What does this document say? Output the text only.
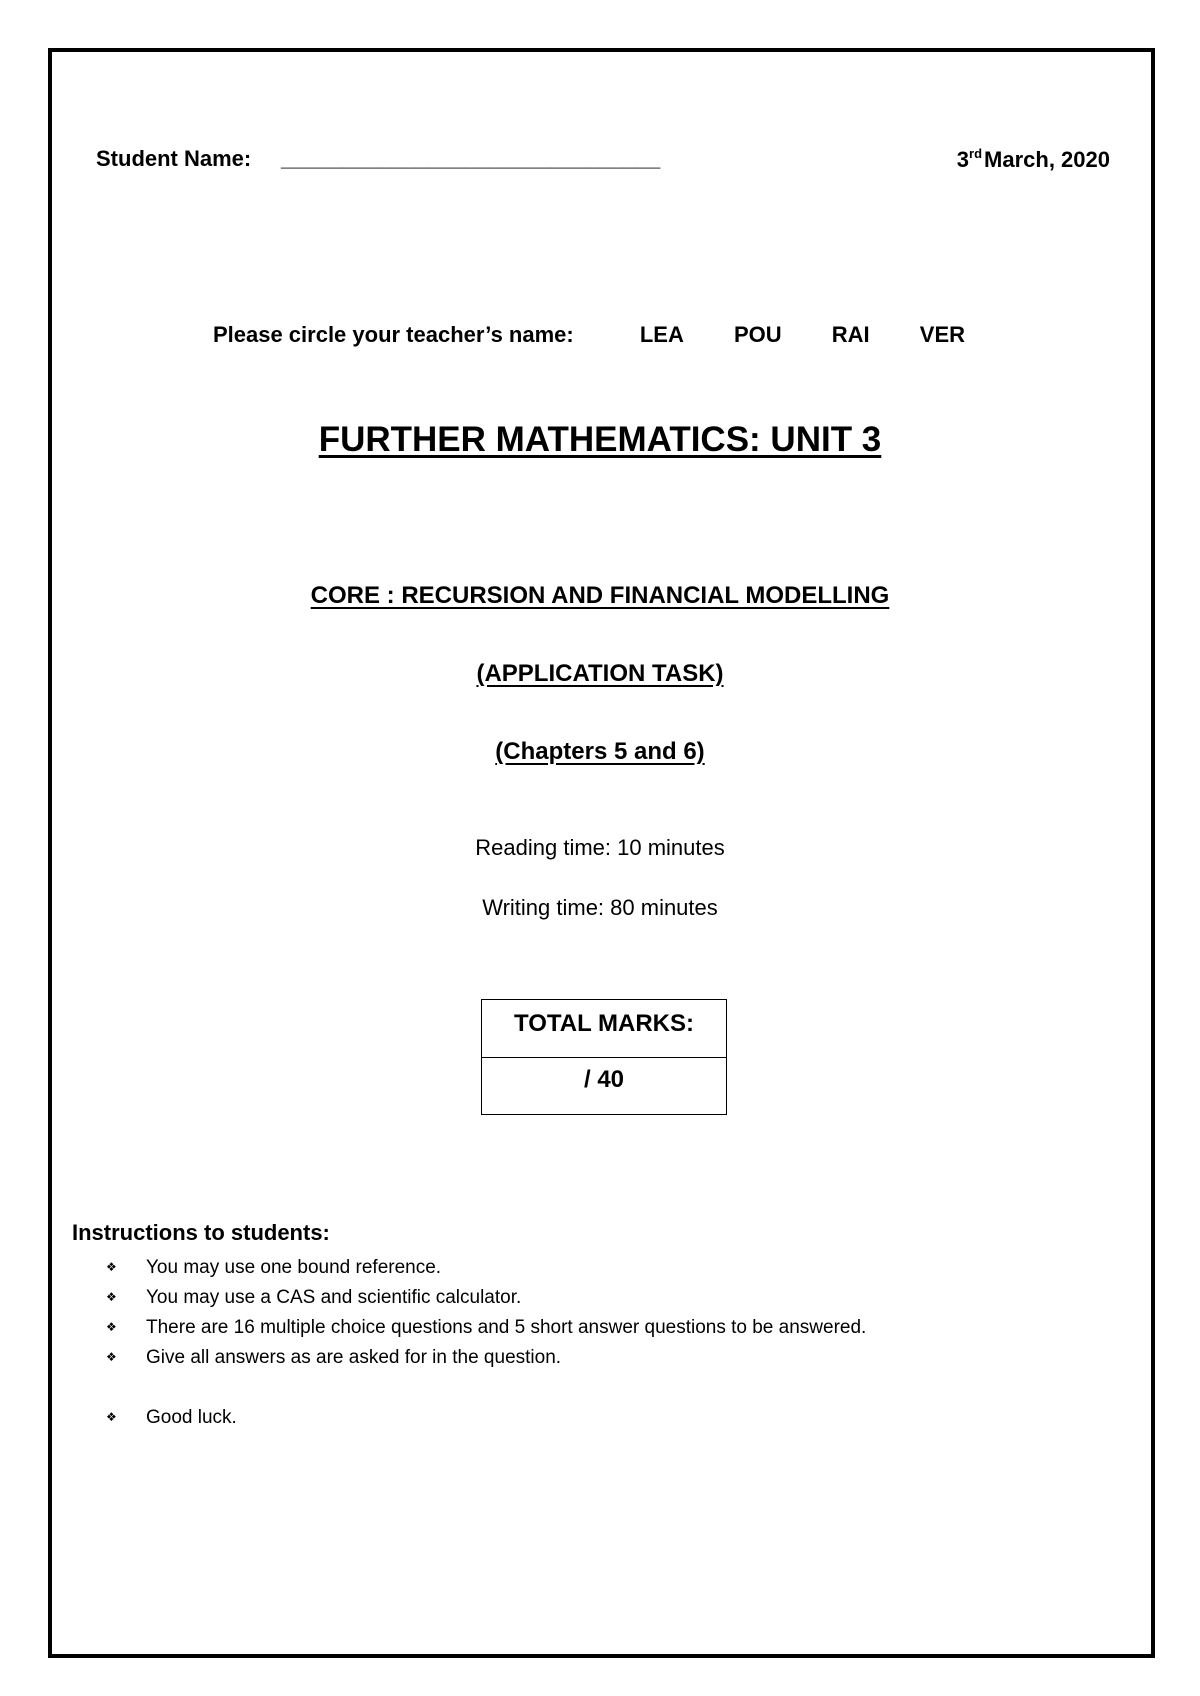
Student Name: _______________________________	3rdMarch, 2020
Please circle your teacher’s name:	LEA POU RAI VER
FURTHER MATHEMATICS: UNIT 3
CORE : RECURSION AND FINANCIAL MODELLING
(APPLICATION TASK)
(Chapters 5 and 6)
Reading time: 10 minutes
Writing time: 80 minutes
TOTAL MARKS:
/ 40
Instructions to students:
❖ You may use one bound reference.
❖ You may use a CAS and scientific calculator.
❖ There are 16 multiple choice questions and 5 short answer questions to be answered.
❖ Give all answers as are asked for in the question.
❖ Good luck.
